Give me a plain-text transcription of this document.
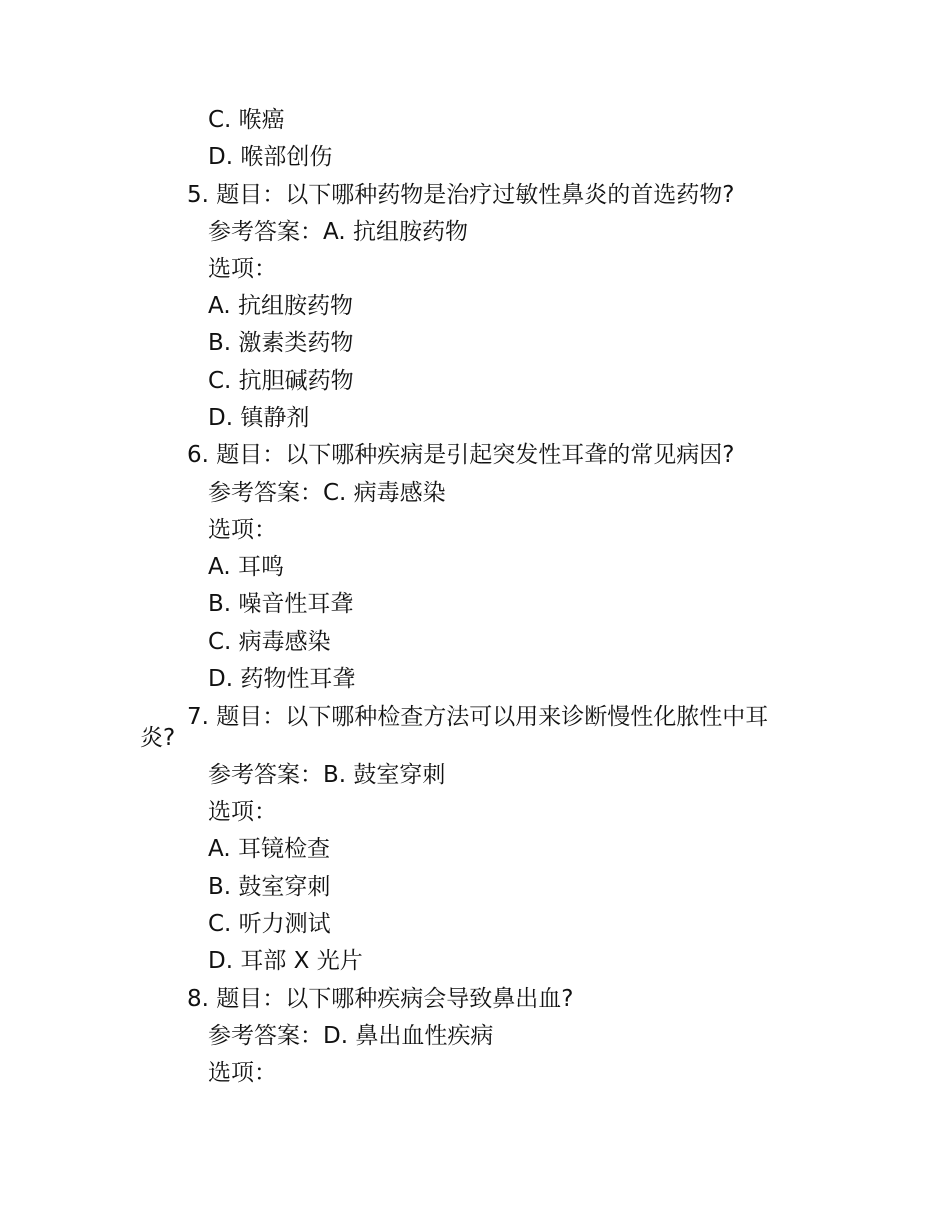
C. 喉癌
D. 喉部创伤
5. 题目：以下哪种药物是治疗过敏性鼻炎的首选药物?
参考答案：A. 抗组胺药物
选项：
A. 抗组胺药物
B. 激素类药物
C. 抗胆碱药物
D. 镇静剂
6. 题目：以下哪种疾病是引起突发性耳聋的常见病因?
参考答案：C. 病毒感染
选项：
A. 耳鸣
B. 噪音性耳聋
C. 病毒感染
D. 药物性耳聋
7. 题目：以下哪种检查方法可以用来诊断慢性化脓性中耳
炎?
参考答案：B. 鼓室穿刺
选项：
A. 耳镜检查
B. 鼓室穿刺
C. 听力测试
D. 耳部 X 光片
8. 题目：以下哪种疾病会导致鼻出血?
参考答案：D. 鼻出血性疾病
选项：
